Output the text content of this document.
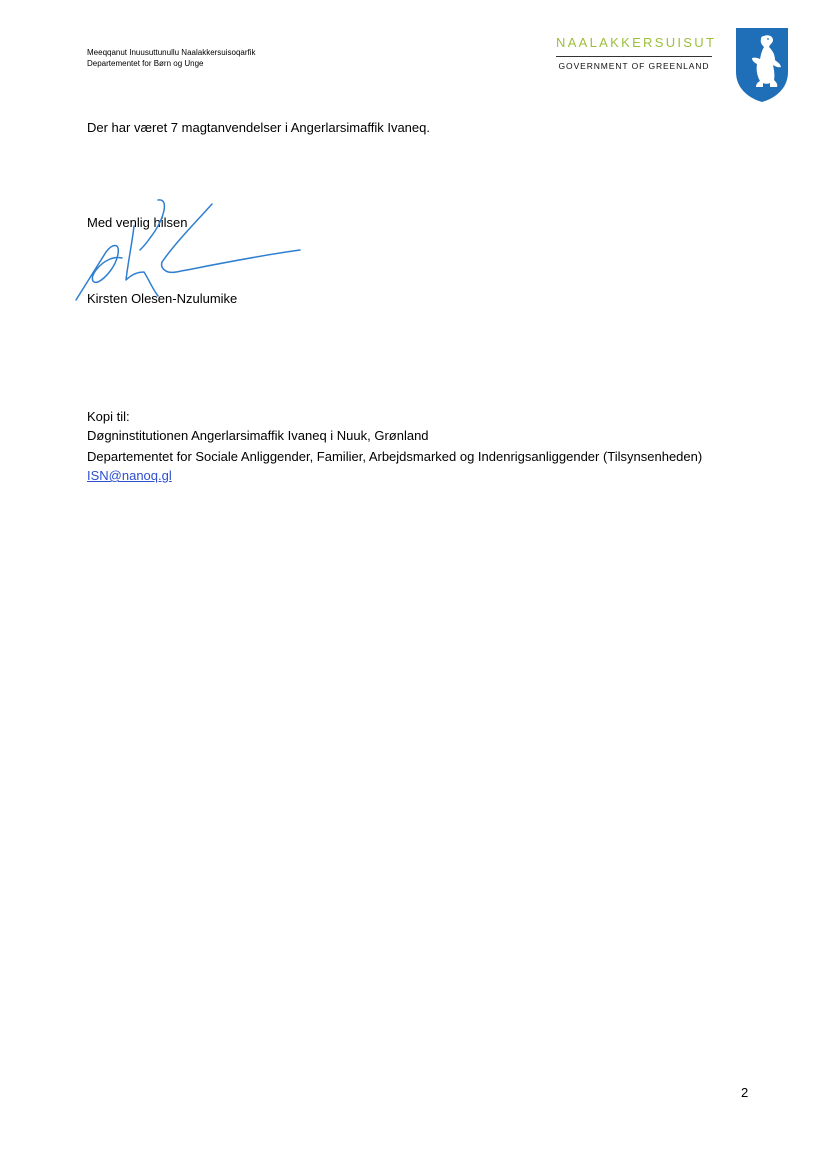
Meeqqanut Inuusuttunullu Naalakkersuisoqarfik
Departementet for Børn og Unge
NAALAKKERSUISUT
GOVERNMENT OF GREENLAND
Der har været 7 magtanvendelser i Angerlarsimaffik Ivaneq.
Med venlig hilsen
Kirsten Olesen-Nzulumike
Kopi til:
Døgninstitutionen Angerlarsimaffik Ivaneq i Nuuk, Grønland
Departementet for Sociale Anliggender, Familier, Arbejdsmarked og Indenrigsanliggender (Tilsynsenheden)
ISN@nanoq.gl
2
